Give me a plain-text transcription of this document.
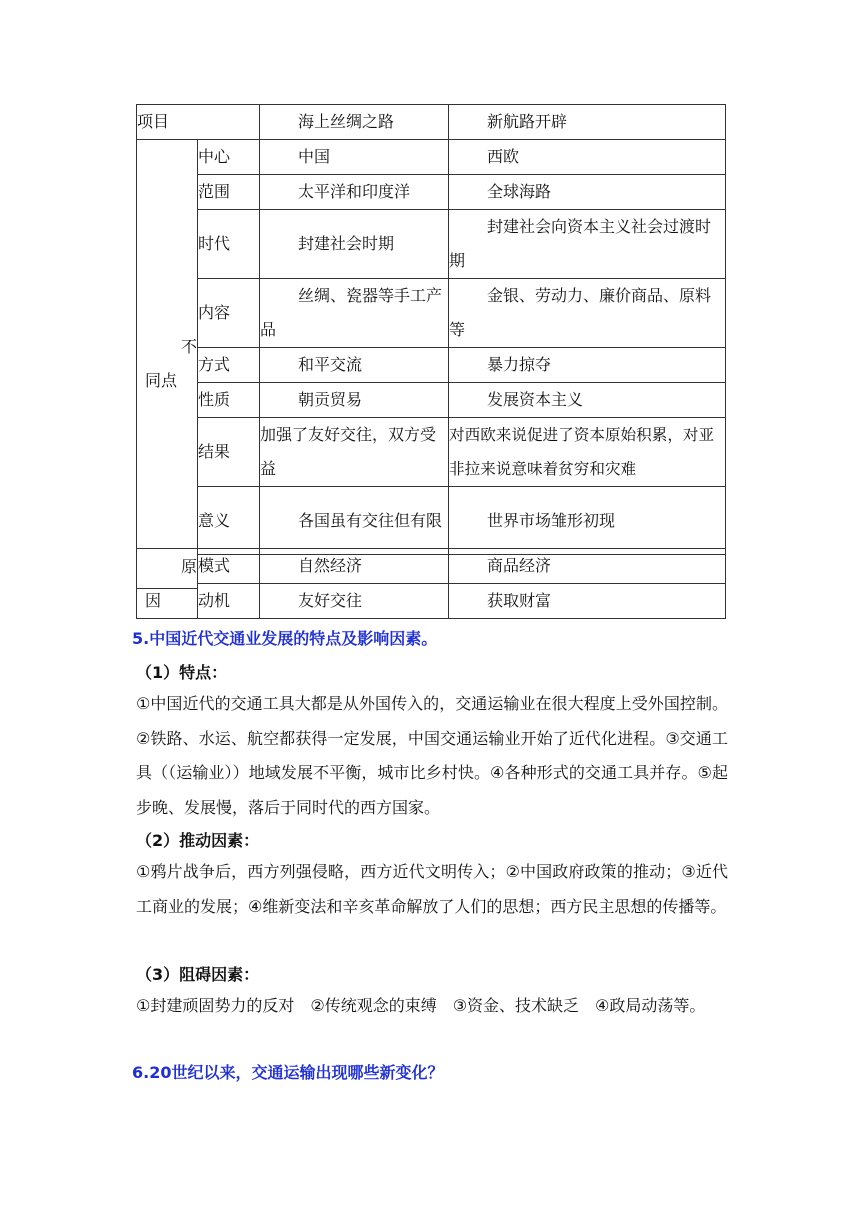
项目		海上丝绸之路	新航路开辟

不
同点	中心	中国	西欧
	范围	太平洋和印度洋	全球海路
	时代	封建社会时期	封建社会向资本主义社会过渡时期
	内容	丝绸、瓷器等手工产品	金银、劳动力、廉价商品、原料等
	方式	和平交流	暴力掠夺
	性质	朝贡贸易	发展资本主义
	结果	加强了友好交往，双方受益	对西欧来说促进了资本原始积累，对亚非拉来说意味着贫穷和灾难
	意义	各国虽有交往但有限	世界市场雏形初现

原
因	模式	自然经济	商品经济
	动机	友好交往	获取财富
5.中国近代交通业发展的特点及影响因素。
（1）特点：
①中国近代的交通工具大都是从外国传入的，交通运输业在很大程度上受外国控制。②铁路、水运、航空都获得一定发展，中国交通运输业开始了近代化进程。③交通工具（（运输业））地域发展不平衡，城市比乡村快。④各种形式的交通工具并存。⑤起步晚、发展慢，落后于同时代的西方国家。
（2）推动因素：
①鸦片战争后，西方列强侵略，西方近代文明传入；②中国政府政策的推动；③近代工商业的发展；④维新变法和辛亥革命解放了人们的思想；西方民主思想的传播等。
（3）阻碍因素：
①封建顽固势力的反对　②传统观念的束缚　③资金、技术缺乏　④政局动荡等。
6.20世纪以来，交通运输出现哪些新变化？
